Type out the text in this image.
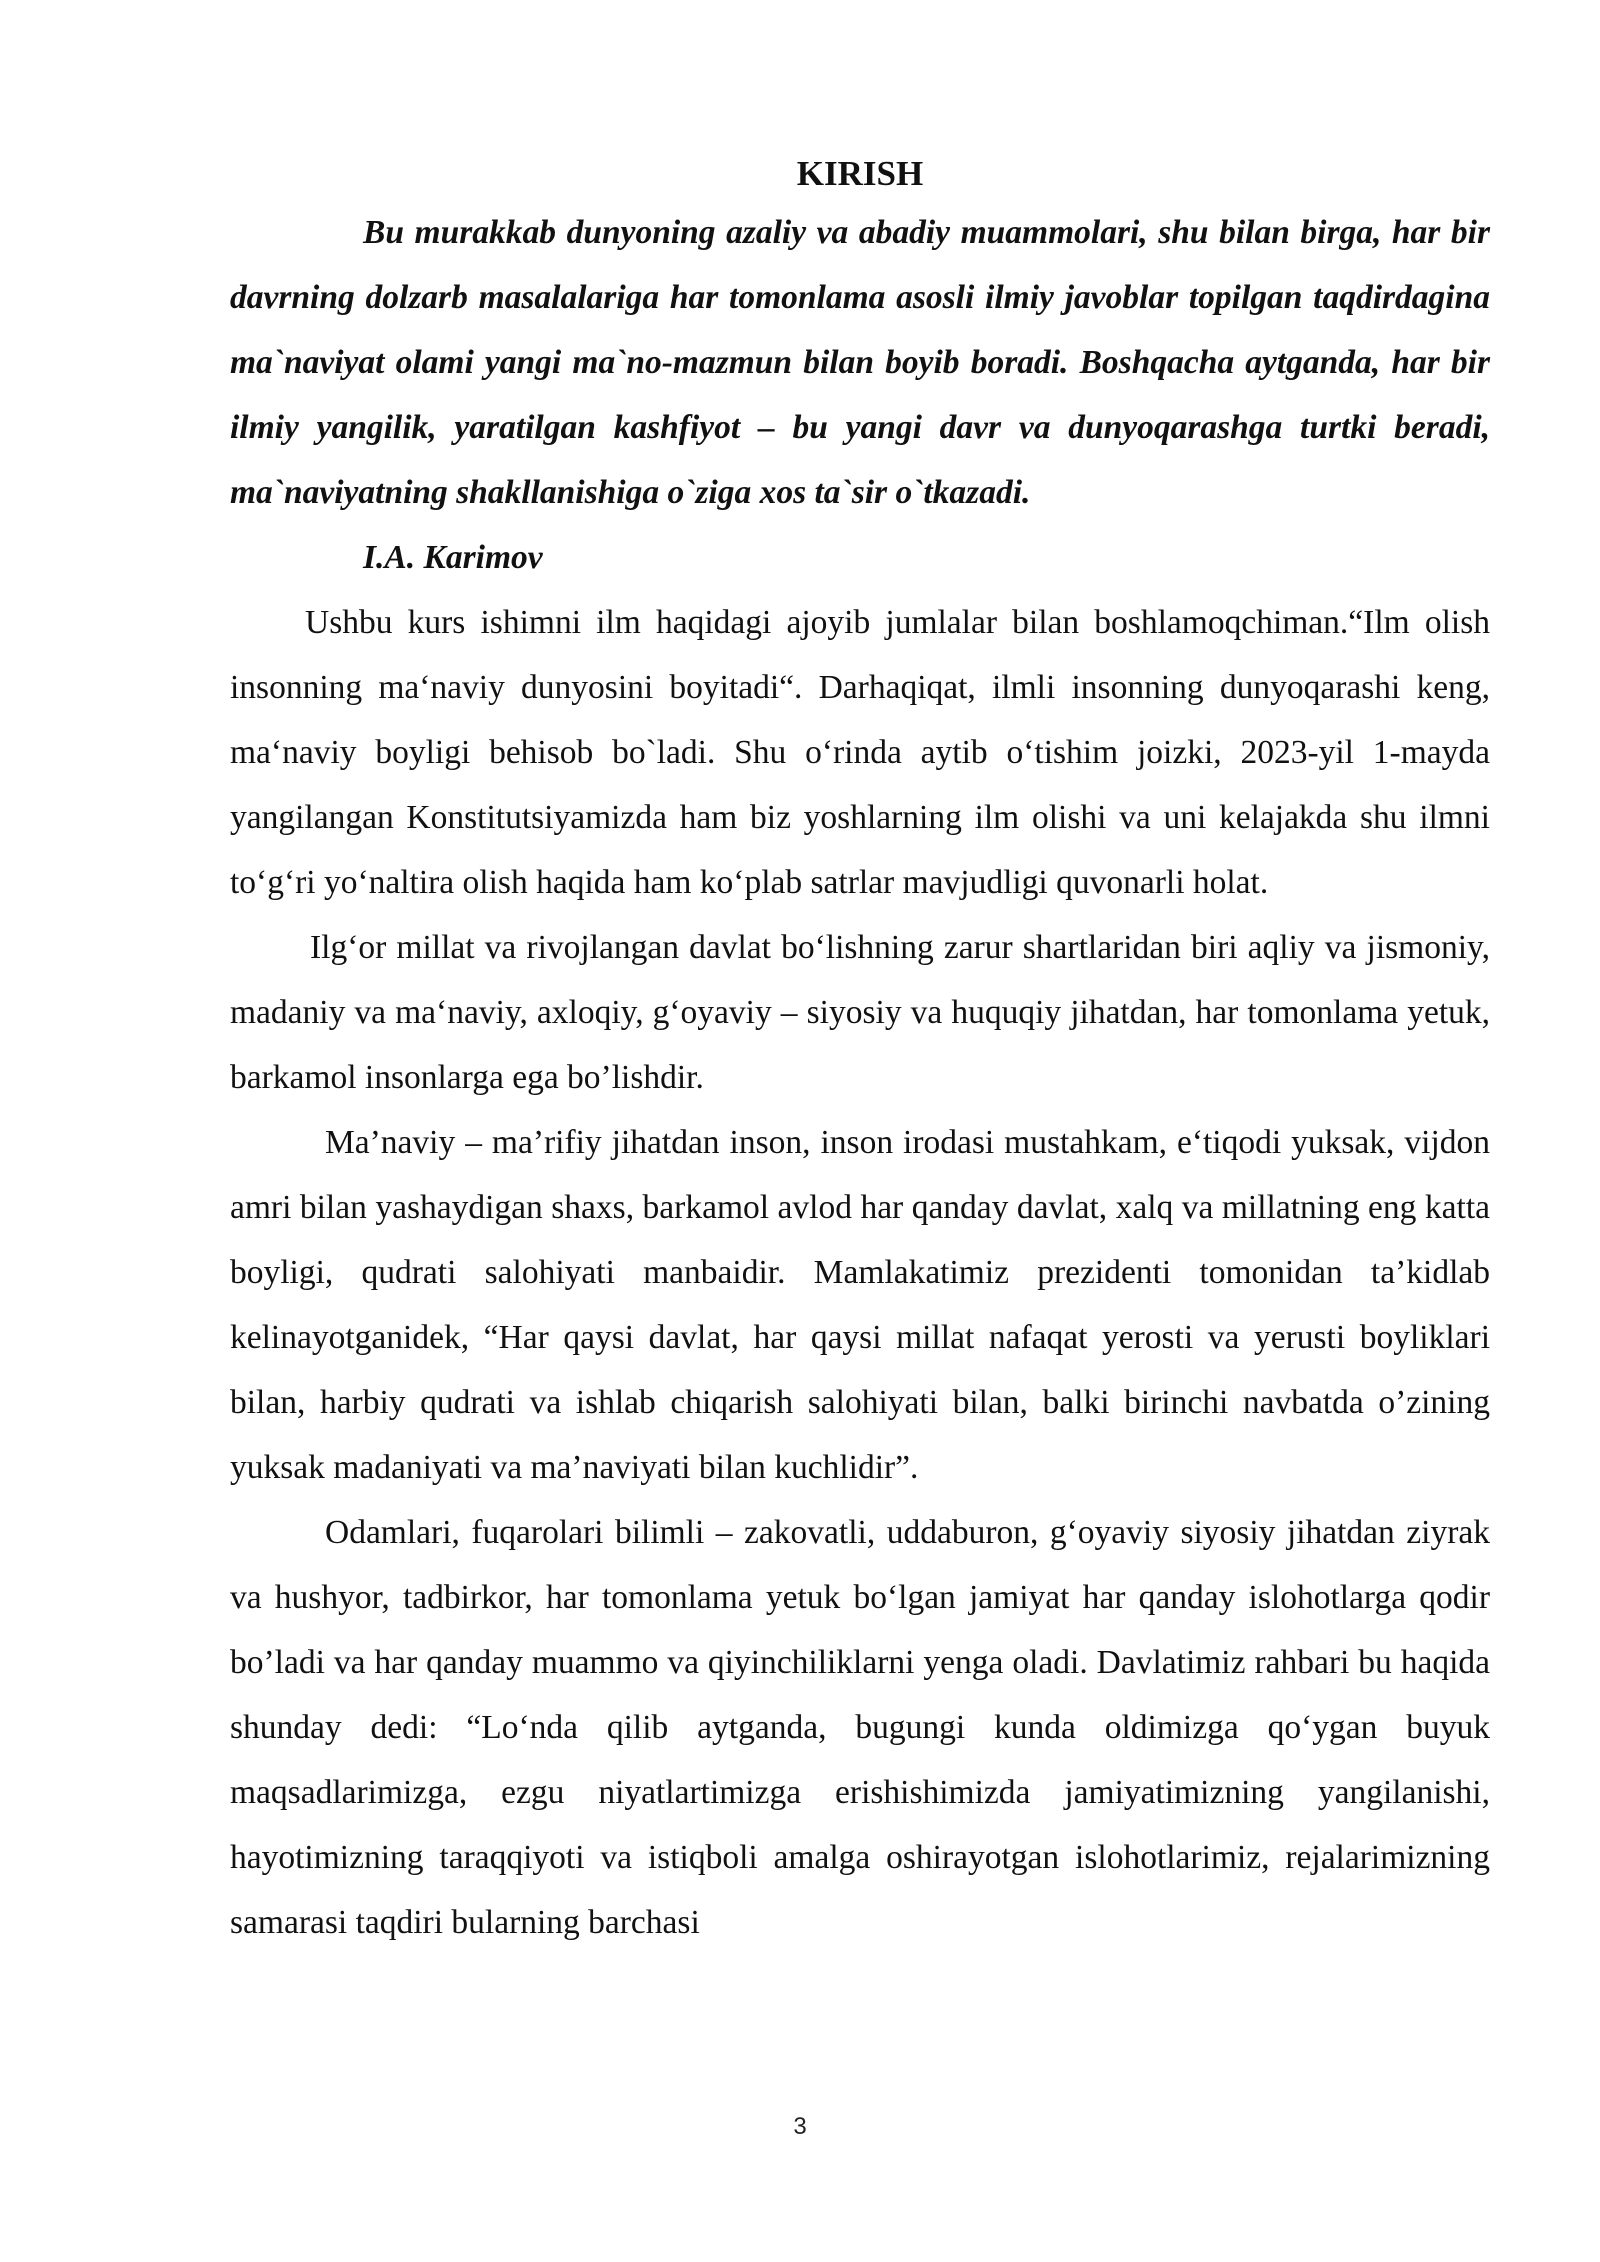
KIRISH

Bu murakkab dunyoning azaliy va abadiy muammolari, shu bilan birga, har bir davrning dolzarb masalalariga har tomonlama asosli ilmiy javoblar topilgan taqdirdagina ma`naviyat olami yangi ma`no-mazmun bilan boyib boradi. Boshqacha aytganda, har bir ilmiy yangilik, yaratilgan kashfiyot – bu yangi davr va dunyoqarashga turtki beradi, ma`naviyatning shakllanishiga o`ziga xos ta`sir o`tkazadi.

I.A. Karimov

Ushbu kurs ishimni ilm haqidagi ajoyib jumlalar bilan boshlamoqchiman.“Ilm olish insonning ma‘naviy dunyosini boyitadi“. Darhaqiqat, ilmli insonning dunyoqarashi keng, ma‘naviy boyligi behisob bo`ladi. Shu o‘rinda aytib o‘tishim joizki, 2023-yil 1-mayda yangilangan Konstitutsiyamizda ham biz yoshlarning ilm olishi va uni kelajakda shu ilmni to‘g‘ri yo‘naltira olish haqida ham ko‘plab satrlar mavjudligi quvonarli holat.

Ilg‘or millat va rivojlangan davlat bo‘lishning zarur shartlaridan biri aqliy va jismoniy, madaniy va ma‘naviy, axloqiy, g‘oyaviy – siyosiy va huquqiy jihatdan, har tomonlama yetuk, barkamol insonlarga ega bo’lishdir.

Ma’naviy – ma’rifiy jihatdan inson, inson irodasi mustahkam, e‘tiqodi yuksak, vijdon amri bilan yashaydigan shaxs, barkamol avlod har qanday davlat, xalq va millatning eng katta boyligi, qudrati salohiyati manbaidir. Mamlakatimiz prezidenti tomonidan ta’kidlab kelinayotganidek, “Har qaysi davlat, har qaysi millat nafaqat yerosti va yerusti boyliklari bilan, harbiy qudrati va ishlab chiqarish salohiyati bilan, balki birinchi navbatda o’zining yuksak madaniyati va ma’naviyati bilan kuchlidir”.

Odamlari, fuqarolari bilimli – zakovatli, uddaburon, g‘oyaviy siyosiy jihatdan ziyrak va hushyor, tadbirkor, har tomonlama yetuk bo‘lgan jamiyat har qanday islohotlarga qodir bo’ladi va har qanday muammo va qiyinchiliklarni yenga oladi. Davlatimiz rahbari bu haqida shunday dedi: “Lo‘nda qilib aytganda, bugungi kunda oldimizga qo‘ygan buyuk maqsadlarimizga, ezgu niyatlartimizga erishishimizda jamiyatimizning yangilanishi, hayotimizning taraqqiyoti va istiqboli amalga oshirayotgan islohotlarimiz, rejalarimizning samarasi taqdiri bularning barchasi

3
